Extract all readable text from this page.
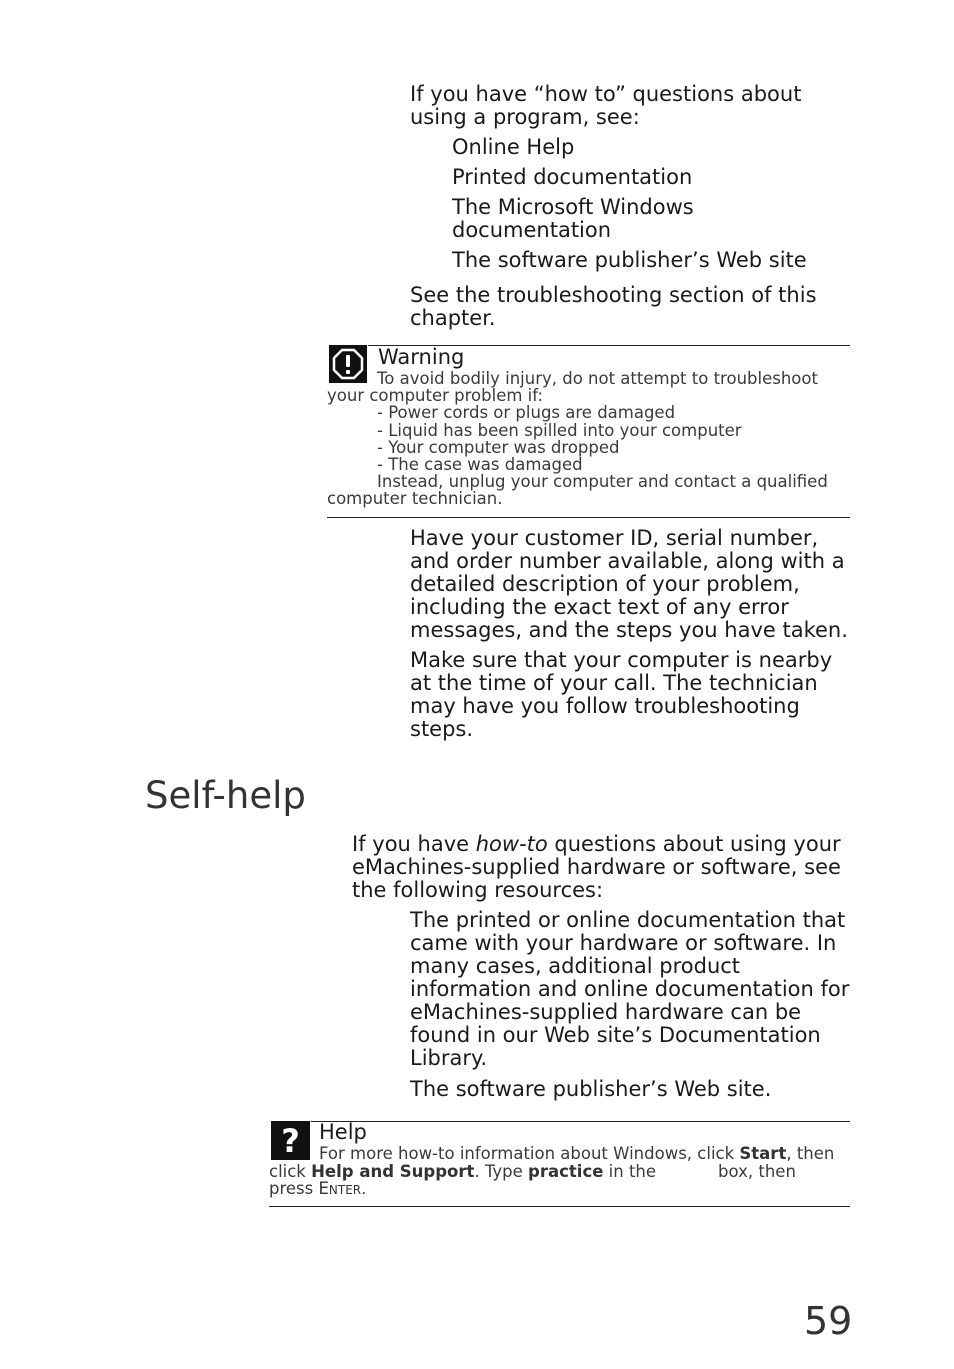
If you have “how to” questions about using a program, see:
Online Help
Printed documentation
The Microsoft Windows documentation
The software publisher’s Web site
See the troubleshooting section of this chapter.
Warning
To avoid bodily injury, do not attempt to troubleshoot
your computer problem if:
- Power cords or plugs are damaged
- Liquid has been spilled into your computer
- Your computer was dropped
- The case was damaged
Instead, unplug your computer and contact a qualified
computer technician.
Have your customer ID, serial number, and order number available, along with a detailed description of your problem, including the exact text of any error messages, and the steps you have taken.
Make sure that your computer is nearby at the time of your call. The technician may have you follow troubleshooting steps.
Self-help
If you have how-to questions about using your eMachines-supplied hardware or software, see the following resources:
The printed or online documentation that came with your hardware or software. In many cases, additional product information and online documentation for eMachines-supplied hardware can be found in our Web site’s Documentation Library.
The software publisher’s Web site.
? Help
For more how-to information about Windows, click Start, then
click Help and Support. Type practice in the	box, then
press Enter.
59
